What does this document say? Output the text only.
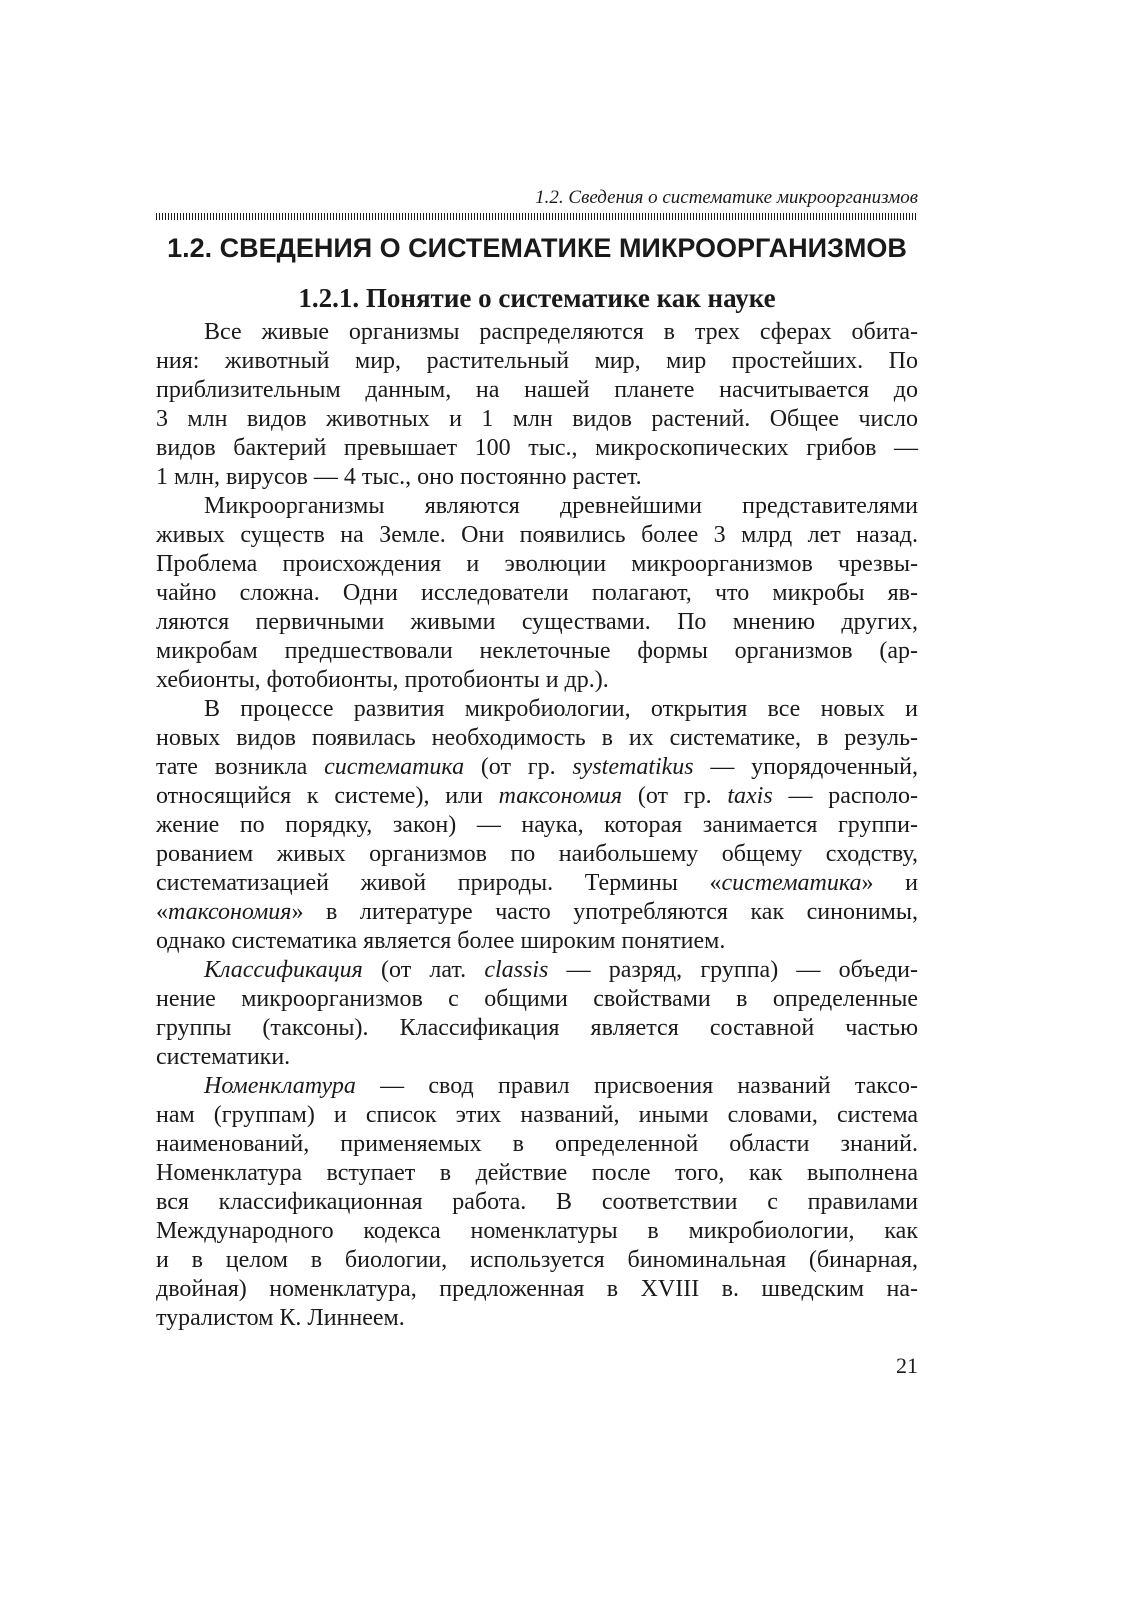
1.2. Сведения о систематике микроорганизмов
1.2. СВЕДЕНИЯ О СИСТЕМАТИКЕ МИКРООРГАНИЗМОВ
1.2.1. Понятие о систематике как науке
Все живые организмы распределяются в трех сферах обита-
ния: животный мир, растительный мир, мир простейших. По
приблизительным данным, на нашей планете насчитывается до
3 млн видов животных и 1 млн видов растений. Общее число
видов бактерий превышает 100 тыс., микроскопических грибов —
1 млн, вирусов — 4 тыс., оно постоянно растет.
Микроорганизмы являются древнейшими представителями
живых существ на Земле. Они появились более 3 млрд лет назад.
Проблема происхождения и эволюции микроорганизмов чрезвы-
чайно сложна. Одни исследователи полагают, что микробы яв-
ляются первичными живыми существами. По мнению других,
микробам предшествовали неклеточные формы организмов (ар-
хебионты, фотобионты, протобионты и др.).
В процессе развития микробиологии, открытия все новых и
новых видов появилась необходимость в их систематике, в резуль-
тате возникла систематика (от гр. systematikus — упорядоченный,
относящийся к системе), или таксономия (от гр. taxis — располо-
жение по порядку, закон) — наука, которая занимается группи-
рованием живых организмов по наибольшему общему сходству,
систематизацией живой природы. Термины «систематика» и
«таксономия» в литературе часто употребляются как синонимы,
однако систематика является более широким понятием.
Классификация (от лат. classis — разряд, группа) — объеди-
нение микроорганизмов с общими свойствами в определенные
группы (таксоны). Классификация является составной частью
систематики.
Номенклатура — свод правил присвоения названий таксо-
нам (группам) и список этих названий, иными словами, система
наименований, применяемых в определенной области знаний.
Номенклатура вступает в действие после того, как выполнена
вся классификационная работа. В соответствии с правилами
Международного кодекса номенклатуры в микробиологии, как
и в целом в биологии, используется биноминальная (бинарная,
двойная) номенклатура, предложенная в XVIII в. шведским на-
туралистом К. Линнеем.
21
